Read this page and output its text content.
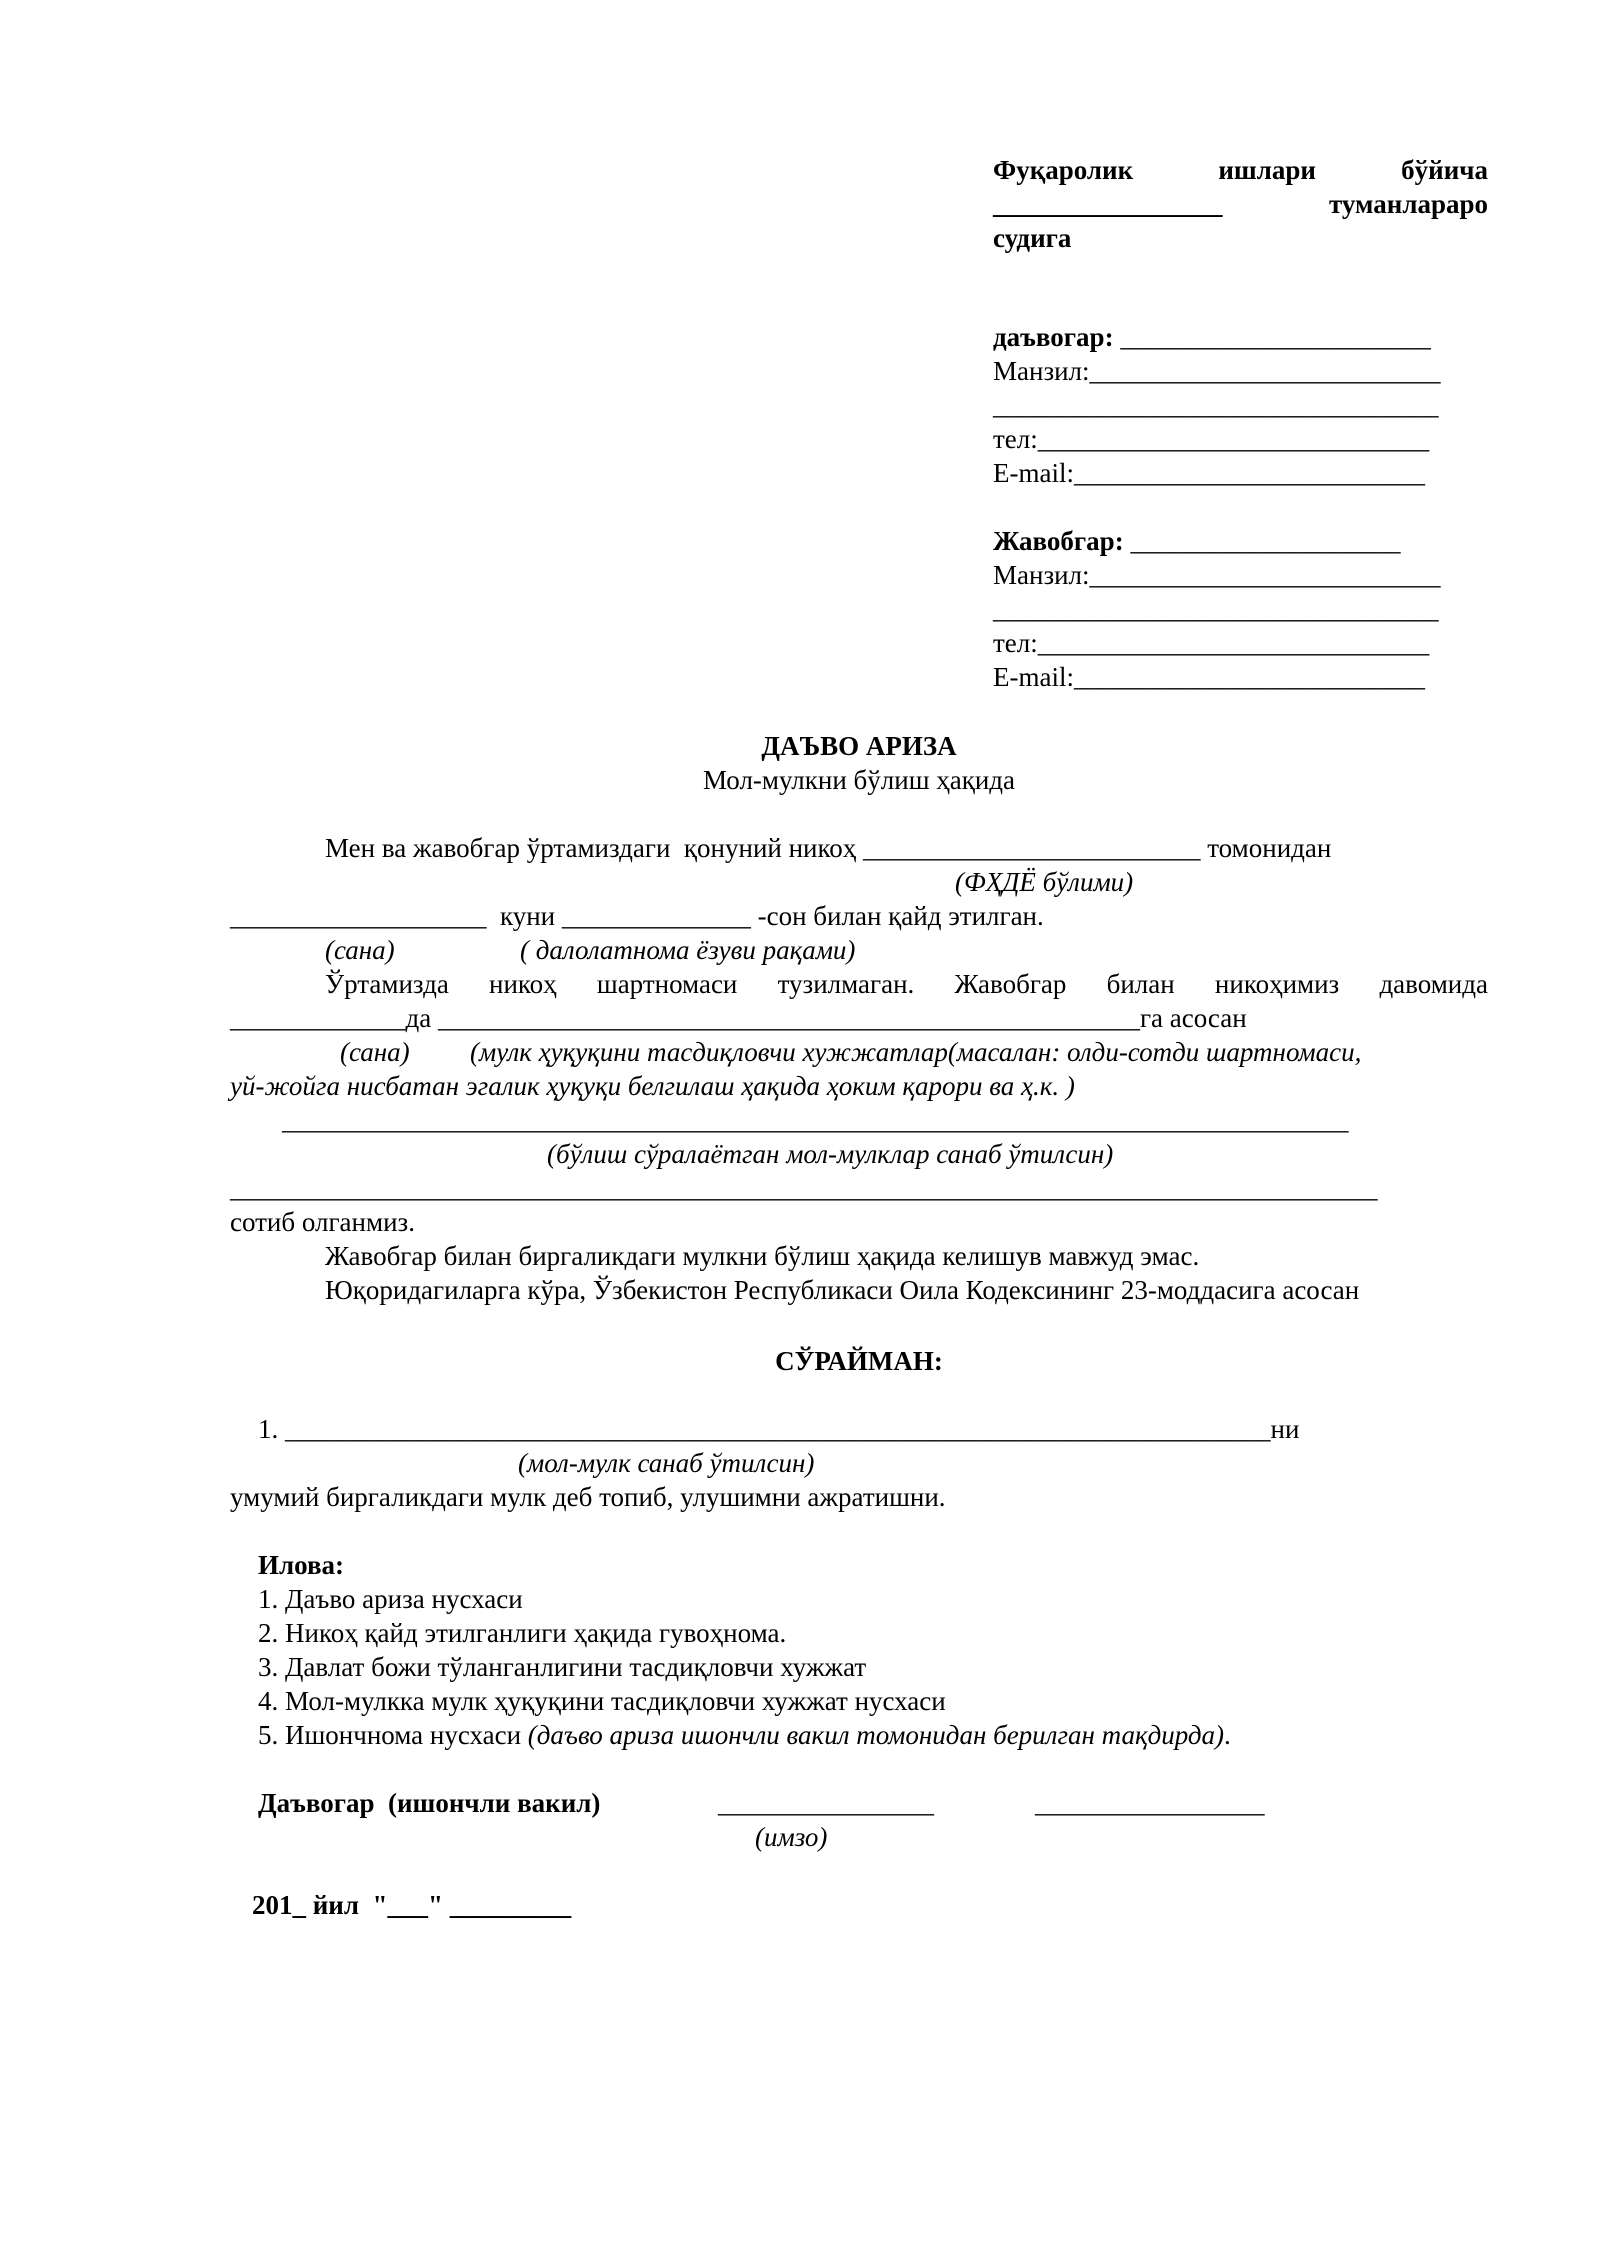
Фуқаролик	ишлари	бўйича
_________________	туманлараро
судига
даъвогар: _______________________
Манзил:__________________________
_________________________________
тел:_____________________________
E-mail:__________________________
Жавобгар: ____________________
Манзил:__________________________
_________________________________
тел:_____________________________
E-mail:__________________________
ДАЪВО АРИЗА
Мол-мулкни бўлиш ҳақида
Мен ва жавобгар ўртамиздаги  қонуний никоҳ _________________________ томонидан
(ФҲДЁ бўлими)
___________________  куни ______________ -сон билан қайд этилган.
(сана)	( далолатнома ёзуви рақами)
Ўртамизда никоҳ шартномаси тузилмаган. Жавобгар билан никоҳимиз давомида
_____________да ____________________________________________________га асосан
(сана) (мулк ҳуқуқини тасдиқловчи хужжатлар(масалан: олди-сотди шартномаси,
уй-жойга нисбатан эгалик ҳуқуқи белгилаш ҳақида ҳоким қарори ва ҳ.к. )
_______________________________________________________________________________
(бўлиш сўралаётган мол-мулклар санаб ўтилсин)
_____________________________________________________________________________________
сотиб олганмиз.
Жавобгар билан биргаликдаги мулкни бўлиш ҳақида келишув мавжуд эмас.
Юқоридагиларга кўра, Ўзбекистон Республикаси Оила Кодексининг 23-моддасига асосан
СЎРАЙМАН:
1. _________________________________________________________________________ни
(мол-мулк санаб ўтилсин)
умумий биргаликдаги мулк деб топиб, улушимни ажратишни.
Илова:
1. Даъво ариза нусхаси
2. Никоҳ қайд этилганлиги ҳақида гувоҳнома.
3. Давлат божи тўланганлигини тасдиқловчи хужжат
4. Мол-мулкка мулк ҳуқуқини тасдиқловчи хужжат нусхаси
5. Ишончнома нусхаси (даъво ариза ишончли вакил томонидан берилган тақдирда).
Даъвогар  (ишончли вакил)	________________	_________________
(имзо)
201_ йил  "___" _________
